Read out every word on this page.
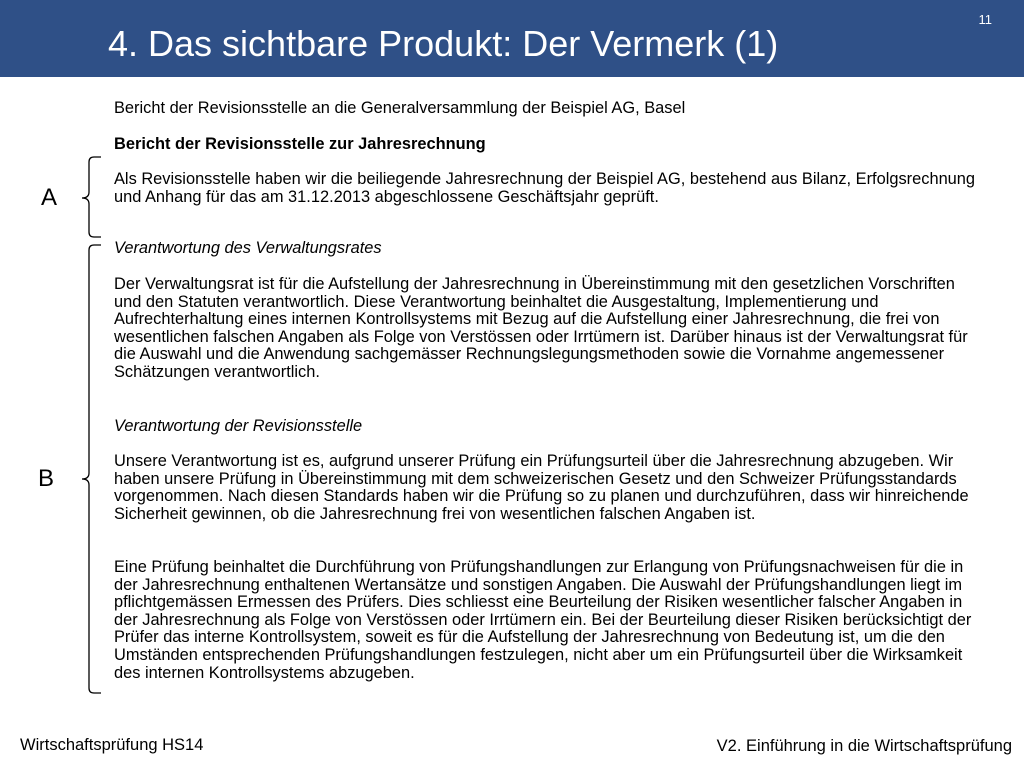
4. Das sichtbare Produkt: Der Vermerk (1)
11
A
B

Bericht der Revisionsstelle an die Generalversammlung der Beispiel AG, Basel

Bericht der Revisionsstelle zur Jahresrechnung

Als Revisionsstelle haben wir die beiliegende Jahresrechnung der Beispiel AG, bestehend aus Bilanz, Erfolgsrechnung und Anhang für das am 31.12.2013 abgeschlossene Geschäftsjahr geprüft.

Verantwortung des Verwaltungsrates

Der Verwaltungsrat ist für die Aufstellung der Jahresrechnung in Übereinstimmung mit den gesetzlichen Vorschriften und den Statuten verantwortlich. Diese Verantwortung beinhaltet die Ausgestaltung, Implementierung und Aufrechterhaltung eines internen Kontrollsystems mit Bezug auf die Aufstellung einer Jahresrechnung, die frei von wesentlichen falschen Angaben als Folge von Verstössen oder Irrtümern ist. Darüber hinaus ist der Verwaltungsrat für die Auswahl und die Anwendung sachgemässer Rechnungslegungsmethoden sowie die Vornahme angemessener Schätzungen verantwortlich.

Verantwortung der Revisionsstelle

Unsere Verantwortung ist es, aufgrund unserer Prüfung ein Prüfungsurteil über die Jahresrechnung abzugeben. Wir haben unsere Prüfung in Übereinstimmung mit dem schweizerischen Gesetz und den Schweizer Prüfungsstandards vorgenommen. Nach diesen Standards haben wir die Prüfung so zu planen und durchzuführen, dass wir hinreichende Sicherheit gewinnen, ob die Jahresrechnung frei von wesentlichen falschen Angaben ist.

Eine Prüfung beinhaltet die Durchführung von Prüfungshandlungen zur Erlangung von Prüfungsnachweisen für die in der Jahresrechnung enthaltenen Wertansätze und sonstigen Angaben. Die Auswahl der Prüfungshandlungen liegt im pflichtgemässen Ermessen des Prüfers. Dies schliesst eine Beurteilung der Risiken wesentlicher falscher Angaben in der Jahresrechnung als Folge von Verstössen oder Irrtümern ein. Bei der Beurteilung dieser Risiken berücksichtigt der Prüfer das interne Kontrollsystem, soweit es für die Aufstellung der Jahresrechnung von Bedeutung ist, um die den Umständen entsprechenden Prüfungshandlungen festzulegen, nicht aber um ein Prüfungsurteil über die Wirksamkeit des internen Kontrollsystems abzugeben.

Wirtschaftsprüfung HS14	V2. Einführung in die Wirtschaftsprüfung
